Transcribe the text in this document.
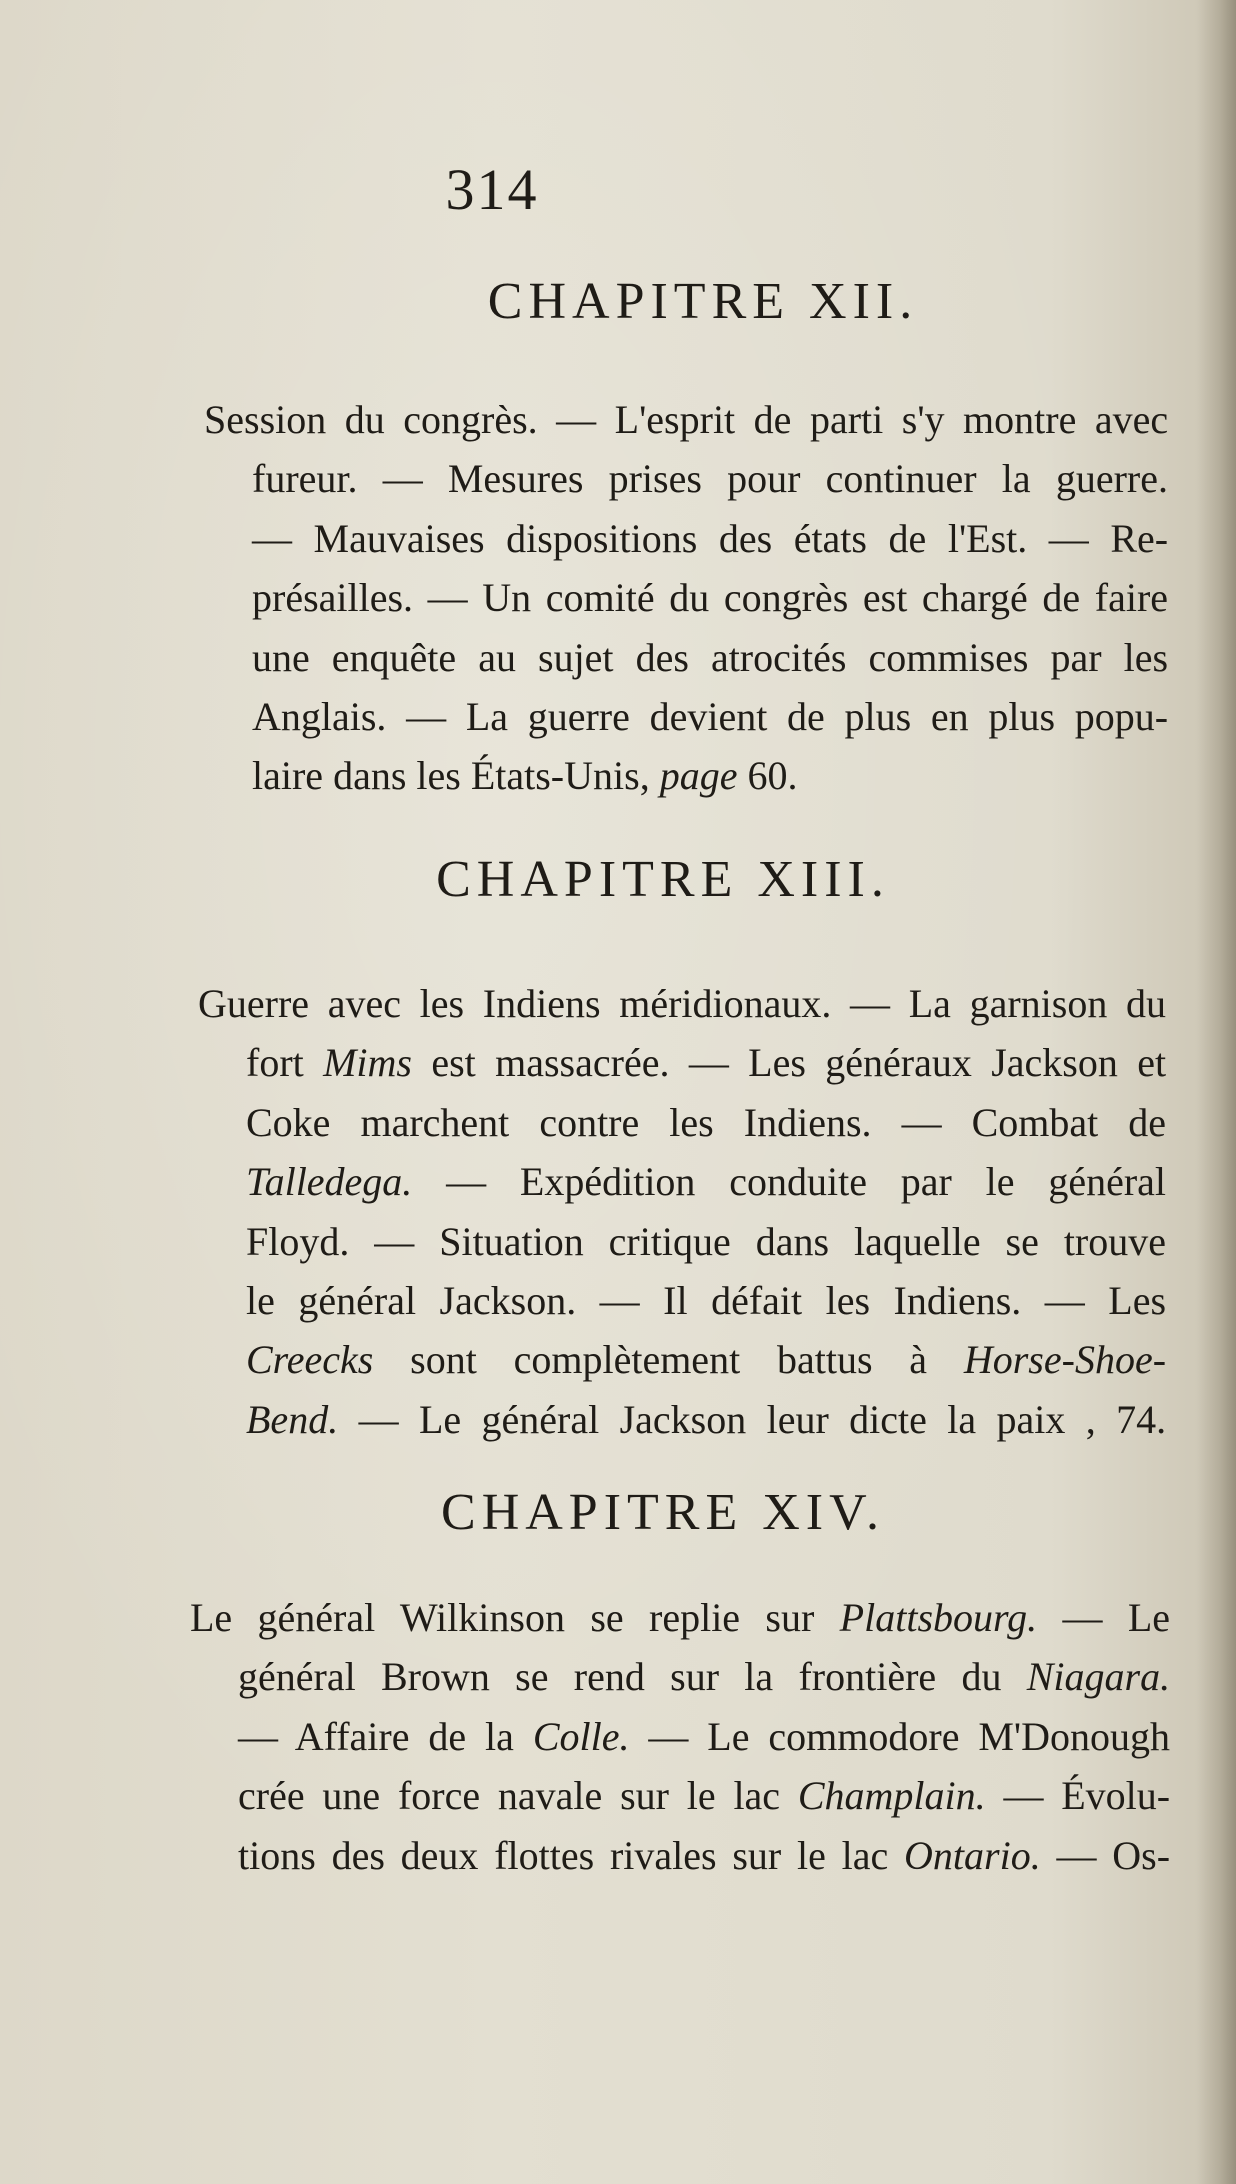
314
CHAPITRE XII.
Session du congrès. — L'esprit de parti s'y montre avec
fureur. — Mesures prises pour continuer la guerre.
— Mauvaises dispositions des états de l'Est. — Re-
présailles. — Un comité du congrès est chargé de faire
une enquête au sujet des atrocités commises par les
Anglais. — La guerre devient de plus en plus popu-
laire dans les États-Unis, page 60.
CHAPITRE XIII.
Guerre avec les Indiens méridionaux. — La garnison du
fort Mims est massacrée. — Les généraux Jackson et
Coke marchent contre les Indiens. — Combat de
Talledega. — Expédition conduite par le général
Floyd. — Situation critique dans laquelle se trouve
le général Jackson. — Il défait les Indiens. — Les
Creecks sont complètement battus à Horse-Shoe-
Bend. — Le général Jackson leur dicte la paix , 74.
CHAPITRE XIV.
Le général Wilkinson se replie sur Plattsbourg. — Le
général Brown se rend sur la frontière du Niagara.
— Affaire de la Colle. — Le commodore M'Donough
crée une force navale sur le lac Champlain. — Évolu-
tions des deux flottes rivales sur le lac Ontario. — Os-
